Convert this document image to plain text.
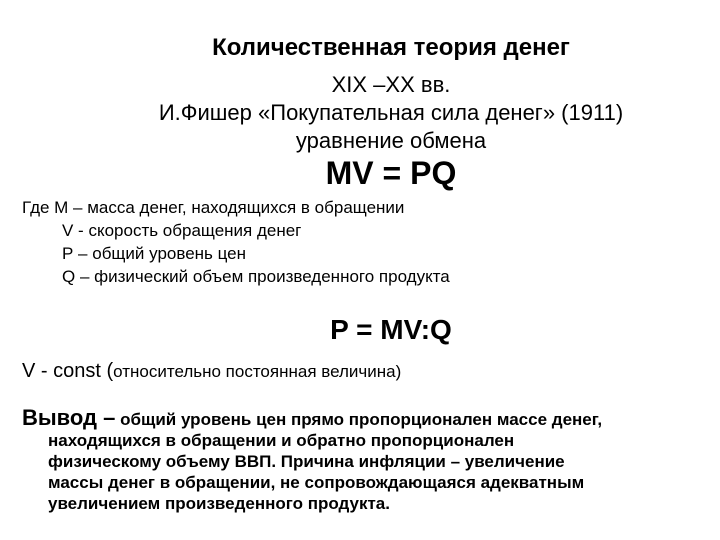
Количественная теория денег
XIX –XX вв.
И.Фишер «Покупательная сила денег» (1911)
уравнение обмена
MV = PQ
Где М – масса денег, находящихся в обращении
V - скорость обращения денег
Р – общий уровень цен
Q – физический объем произведенного продукта
P = MV:Q
V - const (относительно постоянная величина)
Вывод – общий уровень цен прямо пропорционален массе денег,
находящихся в обращении и обратно пропорционален
физическому объему ВВП. Причина инфляции – увеличение
массы денег в обращении, не сопровождающаяся адекватным
увеличением произведенного продукта.
